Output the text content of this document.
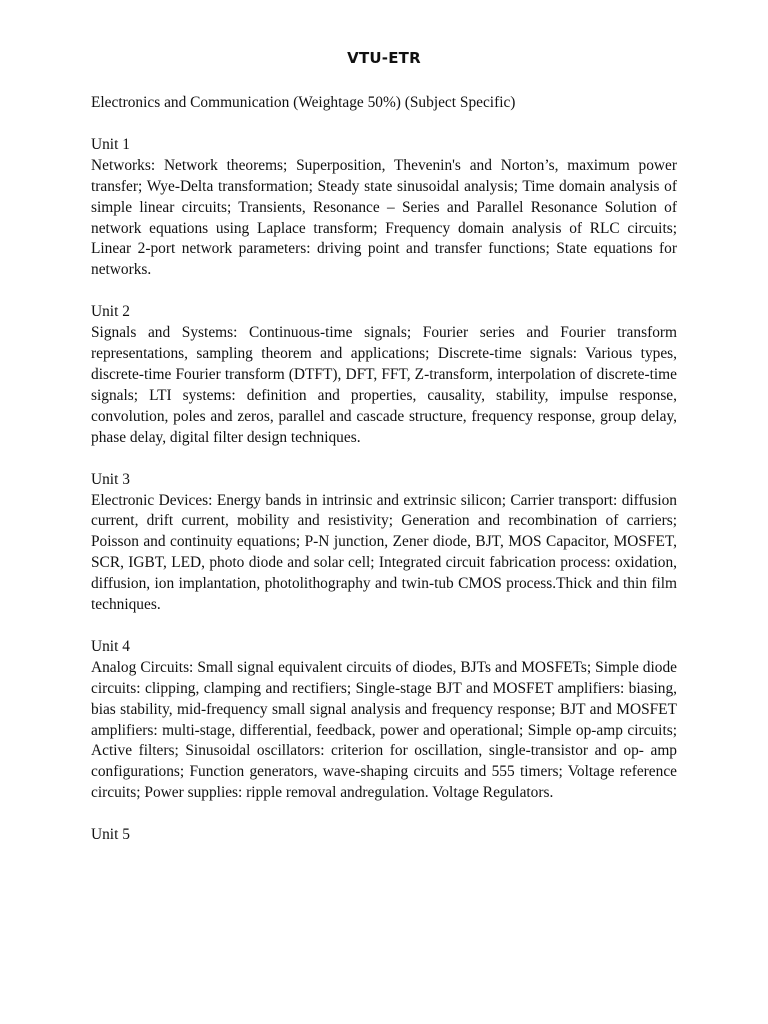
VTU-ETR

Electronics and Communication (Weightage 50%) (Subject Specific)

Unit 1

Networks: Network theorems; Superposition, Thevenin's and Norton’s, maximum power transfer; Wye-Delta transformation; Steady state sinusoidal analysis; Time domain analysis of simple linear circuits; Transients, Resonance – Series and Parallel Resonance Solution of network equations using Laplace transform; Frequency domain analysis of RLC circuits; Linear 2-port network parameters: driving point and transfer functions; State equations for networks.

Unit 2

Signals and Systems: Continuous-time signals; Fourier series and Fourier transform representations, sampling theorem and applications; Discrete-time signals: Various types, discrete-time Fourier transform (DTFT), DFT, FFT, Z-transform, interpolation of discrete-time signals; LTI systems: definition and properties, causality, stability, impulse response, convolution, poles and zeros, parallel and cascade structure, frequency response, group delay, phase delay, digital filter design techniques.

Unit 3

Electronic Devices: Energy bands in intrinsic and extrinsic silicon; Carrier transport: diffusion current, drift current, mobility and resistivity; Generation and recombination of carriers; Poisson and continuity equations; P-N junction, Zener diode, BJT, MOS Capacitor, MOSFET, SCR, IGBT, LED, photo diode and solar cell; Integrated circuit fabrication process: oxidation, diffusion, ion implantation, photolithography and twin-tub CMOS process.Thick and thin film techniques.

Unit 4

Analog Circuits: Small signal equivalent circuits of diodes, BJTs and MOSFETs; Simple diode circuits: clipping, clamping and rectifiers; Single-stage BJT and MOSFET amplifiers: biasing, bias stability, mid-frequency small signal analysis and frequency response; BJT and MOSFET amplifiers: multi-stage, differential, feedback, power and operational; Simple op-amp circuits; Active filters; Sinusoidal oscillators: criterion for oscillation, single-transistor and op- amp configurations; Function generators, wave-shaping circuits and 555 timers; Voltage reference circuits; Power supplies: ripple removal andregulation. Voltage Regulators.

Unit 5
